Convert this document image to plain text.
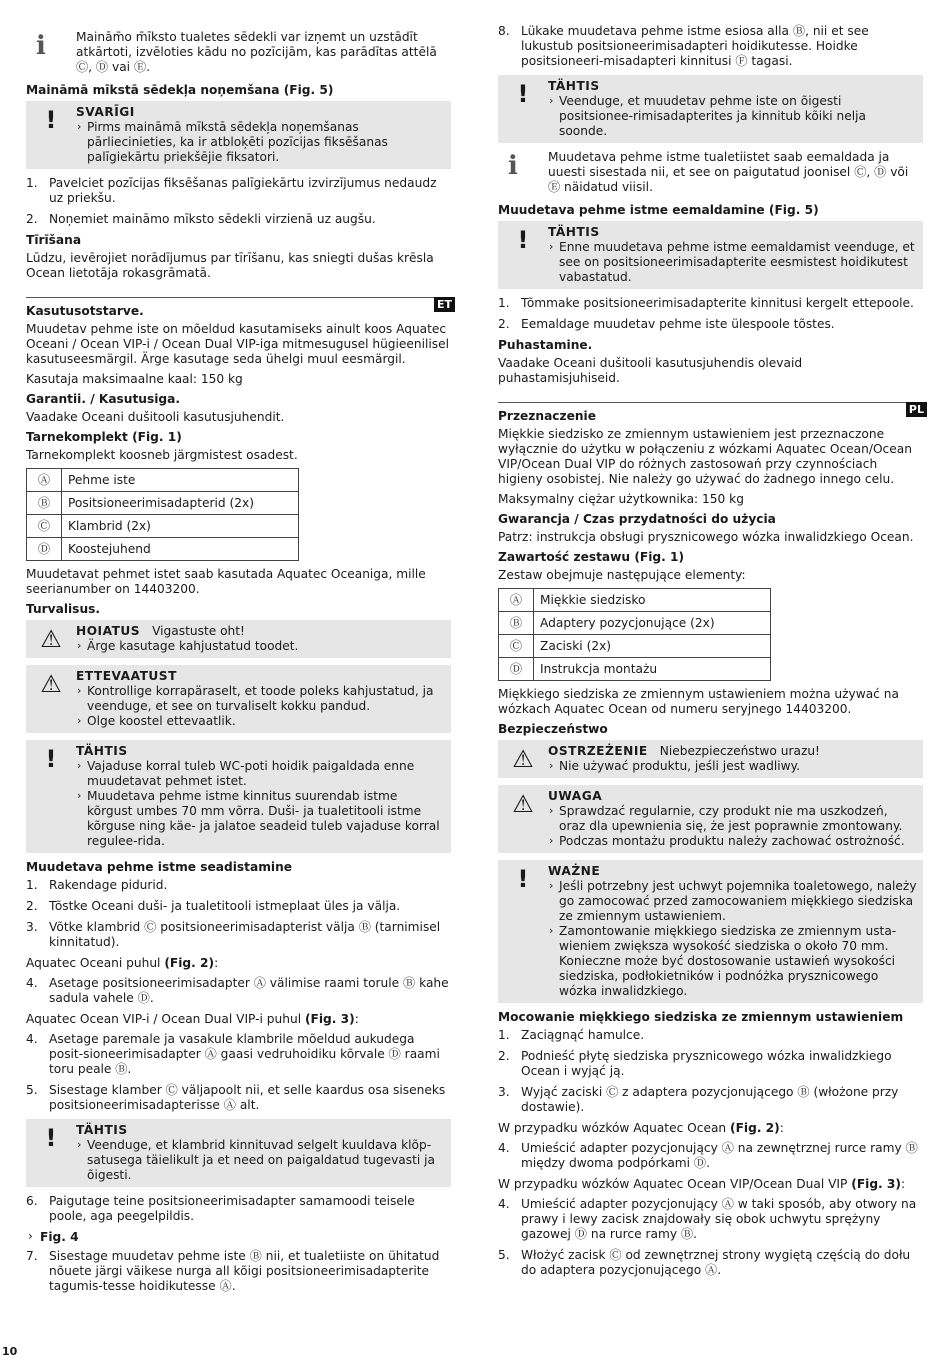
ℹ Mainām̄o m̄īksto tualetes sēdekli var izņemt un uzstādīt atkārtoti, izvēloties kādu no pozīcijām, kas parādītas attēlā Ⓒ, Ⓓ vai Ⓔ.
Maināmā mīkstā sēdekļa noņemšana (Fig. 5)
!	SVARĪGI
› Pirms maināmā mīkstā sēdekļa noņemšanas pārliecinieties, ka ir atbloķēti pozīcijas fiksēšanas palīgiekārtu priekšējie fiksatori.
1. Pavelciet pozīcijas fiksēšanas palīgiekārtu izvirzījumus nedaudz uz priekšu.
2. Noņemiet maināmo mīksto sēdekli virzienā uz augšu.
Tīrīšana

Lūdzu, ievērojiet norādījumus par tīrīšanu, kas sniegti dušas krēsla Ocean lietotāja rokasgrāmatā.

ET
Kasutusotstarve.

Muudetav pehme iste on mõeldud kasutamiseks ainult koos Aquatec Oceani / Ocean VIP-i / Ocean Dual VIP-iga mitmesugusel hügieenilisel kasutuseesmärgil. Ärge kasutage seda ühelgi muul eesmärgil.

Kasutaja maksimaalne kaal: 150 kg

Garantii. / Kasutusiga.

Vaadake Oceani dušitooli kasutusjuhendit.

Tarnekomplekt (Fig. 1)

Tarnekomplekt koosneb järgmistest osadest.

Ⓐ	Pehme iste
Ⓑ	Positsioneerimisadapterid (2x)
Ⓒ	Klambrid (2x)
Ⓓ	Koostejuhend

Muudetavat pehmet istet saab kasutada Aquatec Oceaniga, mille seerianumber on 14403200.

Turvalisus.
⚠	HOIATUS Vigastuste oht!
› Ärge kasutage kahjustatud toodet.
⚠	ETTEVAATUST
› Kontrollige korrapäraselt, et toode poleks kahjustatud, ja veenduge, et see on turvaliselt kokku pandud.
› Olge koostel ettevaatlik.
!	TÄHTIS
› Vajaduse korral tuleb WC-poti hoidik paigaldada enne muudetavat pehmet istet.
› Muudetava pehme istme kinnitus suurendab istme kõrgust umbes 70 mm võrra. Duši- ja tualetitooli istme kõrguse ning käe- ja jalatoe seadeid tuleb vajaduse korral regulee-rida.
Muudetava pehme istme seadistamine
1. Rakendage pidurid.
2. Tõstke Oceani duši- ja tualetitooli istmeplaat üles ja välja.
3. Võtke klambrid Ⓒ positsioneerimisadapterist välja Ⓑ (tarnimisel kinnitatud).

Aquatec Oceani puhul (Fig. 2):

4. Asetage positsioneerimisadapter Ⓐ välimise raami torule Ⓑ kahe sadula vahele Ⓓ.

Aquatec Ocean VIP-i / Ocean Dual VIP-i puhul (Fig. 3):

4. Asetage paremale ja vasakule klambrile mõeldud aukudega posit-sioneerimisadapter Ⓐ gaasi vedruhoidiku kõrvale Ⓓ raami toru peale Ⓑ.
5. Sisestage klamber Ⓒ väljapoolt nii, et selle kaardus osa siseneks positsioneerimisadapterisse Ⓐ alt.
!	TÄHTIS
› Veenduge, et klambrid kinnituvad selgelt kuuldava klõp-satusega täielikult ja et need on paigaldatud tugevasti ja õigesti.
6. Paigutage teine positsioneerimisadapter samamoodi teisele poole, aga peegelpildis.
› Fig. 4
7. Sisestage muudetav pehme iste Ⓑ nii, et tualetiiste on ühitatud nõuete järgi väikese nurga all kõigi positsioneerimisadapterite tagumis-tesse hoidikutesse Ⓐ.
8. Lükake muudetava pehme istme esiosa alla Ⓑ, nii et see lukustub positsioneerimisadapteri hoidikutesse. Hoidke positsioneeri-misadapteri kinnitusi Ⓕ tagasi.
!	TÄHTIS
› Veenduge, et muudetav pehme iste on õigesti positsionee-rimisadapterites ja kinnitub kõiki nelja soonde.
ℹ Muudetava pehme istme tualetiistet saab eemaldada ja uuesti sisestada nii, et see on paigutatud joonisel Ⓒ, Ⓓ või Ⓔ näidatud viisil.
Muudetava pehme istme eemaldamine (Fig. 5)
!	TÄHTIS
› Enne muudetava pehme istme eemaldamist veenduge, et see on positsioneerimisadapterite eesmistest hoidikutest vabastatud.
1. Tõmmake positsioneerimisadapterite kinnitusi kergelt ettepoole.
2. Eemaldage muudetav pehme iste ülespoole tõstes.
Puhastamine.

Vaadake Oceani dušitooli kasutusjuhendis olevaid puhastamisjuhiseid.

PL
Przeznaczenie

Miękkie siedzisko ze zmiennym ustawieniem jest przeznaczone wyłącznie do użytku w połączeniu z wózkami Aquatec Ocean/Ocean VIP/Ocean Dual VIP do różnych zastosowań przy czynnościach higieny osobistej. Nie należy go używać do żadnego innego celu.

Maksymalny ciężar użytkownika: 150 kg

Gwarancja / Czas przydatności do użycia

Patrz: instrukcja obsługi prysznicowego wózka inwalidzkiego Ocean.

Zawartość zestawu (Fig. 1)

Zestaw obejmuje następujące elementy:

Ⓐ	Miękkie siedzisko
Ⓑ	Adaptery pozycjonujące (2x)
Ⓒ	Zaciski (2x)
Ⓓ	Instrukcja montażu

Miękkiego siedziska ze zmiennym ustawieniem można używać na wózkach Aquatec Ocean od numeru seryjnego 14403200.

Bezpieczeństwo
⚠	OSTRZEŻENIE Niebezpieczeństwo urazu!
› Nie używać produktu, jeśli jest wadliwy.
⚠	UWAGA
› Sprawdzać regularnie, czy produkt nie ma uszkodzeń, oraz dla upewnienia się, że jest poprawnie zmontowany.
› Podczas montażu produktu należy zachować ostrożność.
!	WAŻNE
› Jeśli potrzebny jest uchwyt pojemnika toaletowego, należy go zamocować przed zamocowaniem miękkiego siedziska ze zmiennym ustawieniem.
› Zamontowanie miękkiego siedziska ze zmiennym usta-wieniem zwiększa wysokość siedziska o około 70 mm. Konieczne może być dostosowanie ustawień wysokości siedziska, podłokietników i podnóżka prysznicowego wózka inwalidzkiego.
Mocowanie miękkiego siedziska ze zmiennym ustawieniem
1. Zaciągnąć hamulce.
2. Podnieść płytę siedziska prysznicowego wózka inwalidzkiego Ocean i wyjąć ją.
3. Wyjąć zaciski Ⓒ z adaptera pozycjonującego Ⓑ (włożone przy dostawie).

W przypadku wózków Aquatec Ocean (Fig. 2):

4. Umieścić adapter pozycjonujący Ⓐ na zewnętrznej rurce ramy Ⓑ między dwoma podpórkami Ⓓ.

W przypadku wózków Aquatec Ocean VIP/Ocean Dual VIP (Fig. 3):

4. Umieścić adapter pozycjonujący Ⓐ w taki sposób, aby otwory na prawy i lewy zacisk znajdowały się obok uchwytu sprężyny gazowej Ⓓ na rurce ramy Ⓑ.
5. Włożyć zacisk Ⓒ od zewnętrznej strony wygiętą częścią do dołu do adaptera pozycjonującego Ⓐ.
10
